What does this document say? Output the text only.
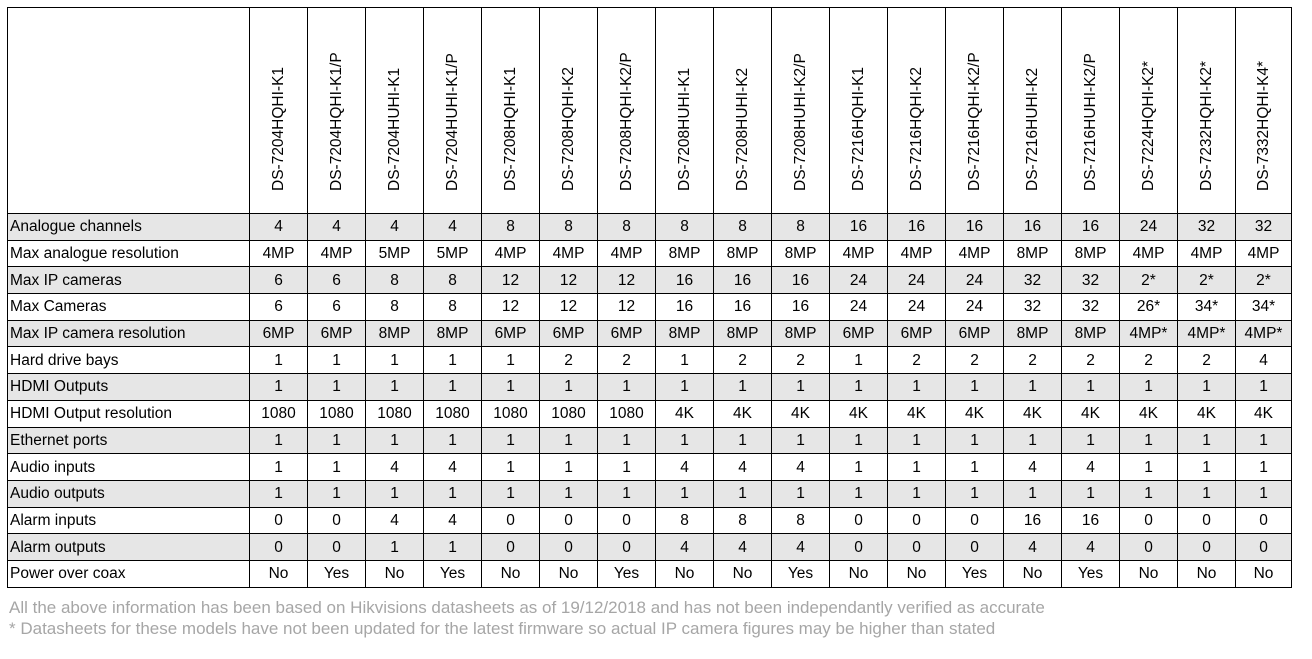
	DS-7204HQHI-K1	DS-7204HQHI-K1/P	DS-7204HUHI-K1	DS-7204HUHI-K1/P	DS-7208HQHI-K1	DS-7208HQHI-K2	DS-7208HQHI-K2/P	DS-7208HUHI-K1	DS-7208HUHI-K2	DS-7208HUHI-K2/P	DS-7216HQHI-K1	DS-7216HQHI-K2	DS-7216HQHI-K2/P	DS-7216HUHI-K2	DS-7216HUHI-K2/P	DS-7224HQHI-K2*	DS-7232HQHI-K2*	DS-7332HQHI-K4*

Analogue channels	4	4	4	4	8	8	8	8	8	8	16	16	16	16	16	24	32	32
Max analogue resolution	4MP	4MP	5MP	5MP	4MP	4MP	4MP	8MP	8MP	8MP	4MP	4MP	4MP	8MP	8MP	4MP	4MP	4MP
Max IP cameras	6	6	8	8	12	12	12	16	16	16	24	24	24	32	32	2*	2*	2*
Max Cameras	6	6	8	8	12	12	12	16	16	16	24	24	24	32	32	26*	34*	34*
Max IP camera resolution	6MP	6MP	8MP	8MP	6MP	6MP	6MP	8MP	8MP	8MP	6MP	6MP	6MP	8MP	8MP	4MP*	4MP*	4MP*
Hard drive bays	1	1	1	1	1	2	2	1	2	2	1	2	2	2	2	2	2	4
HDMI Outputs	1	1	1	1	1	1	1	1	1	1	1	1	1	1	1	1	1	1
HDMI Output resolution	1080	1080	1080	1080	1080	1080	1080	4K	4K	4K	4K	4K	4K	4K	4K	4K	4K	4K
Ethernet ports	1	1	1	1	1	1	1	1	1	1	1	1	1	1	1	1	1	1
Audio inputs	1	1	4	4	1	1	1	4	4	4	1	1	1	4	4	1	1	1
Audio outputs	1	1	1	1	1	1	1	1	1	1	1	1	1	1	1	1	1	1
Alarm inputs	0	0	4	4	0	0	0	8	8	8	0	0	0	16	16	0	0	0
Alarm outputs	0	0	1	1	0	0	0	4	4	4	0	0	0	4	4	0	0	0
Power over coax	No	Yes	No	Yes	No	No	Yes	No	No	Yes	No	No	Yes	No	Yes	No	No	No
All the above information has been based on Hikvisions datasheets as of 19/12/2018 and has not been independantly verified as accurate
* Datasheets for these models have not been updated for the latest firmware so actual IP camera figures may be higher than stated
